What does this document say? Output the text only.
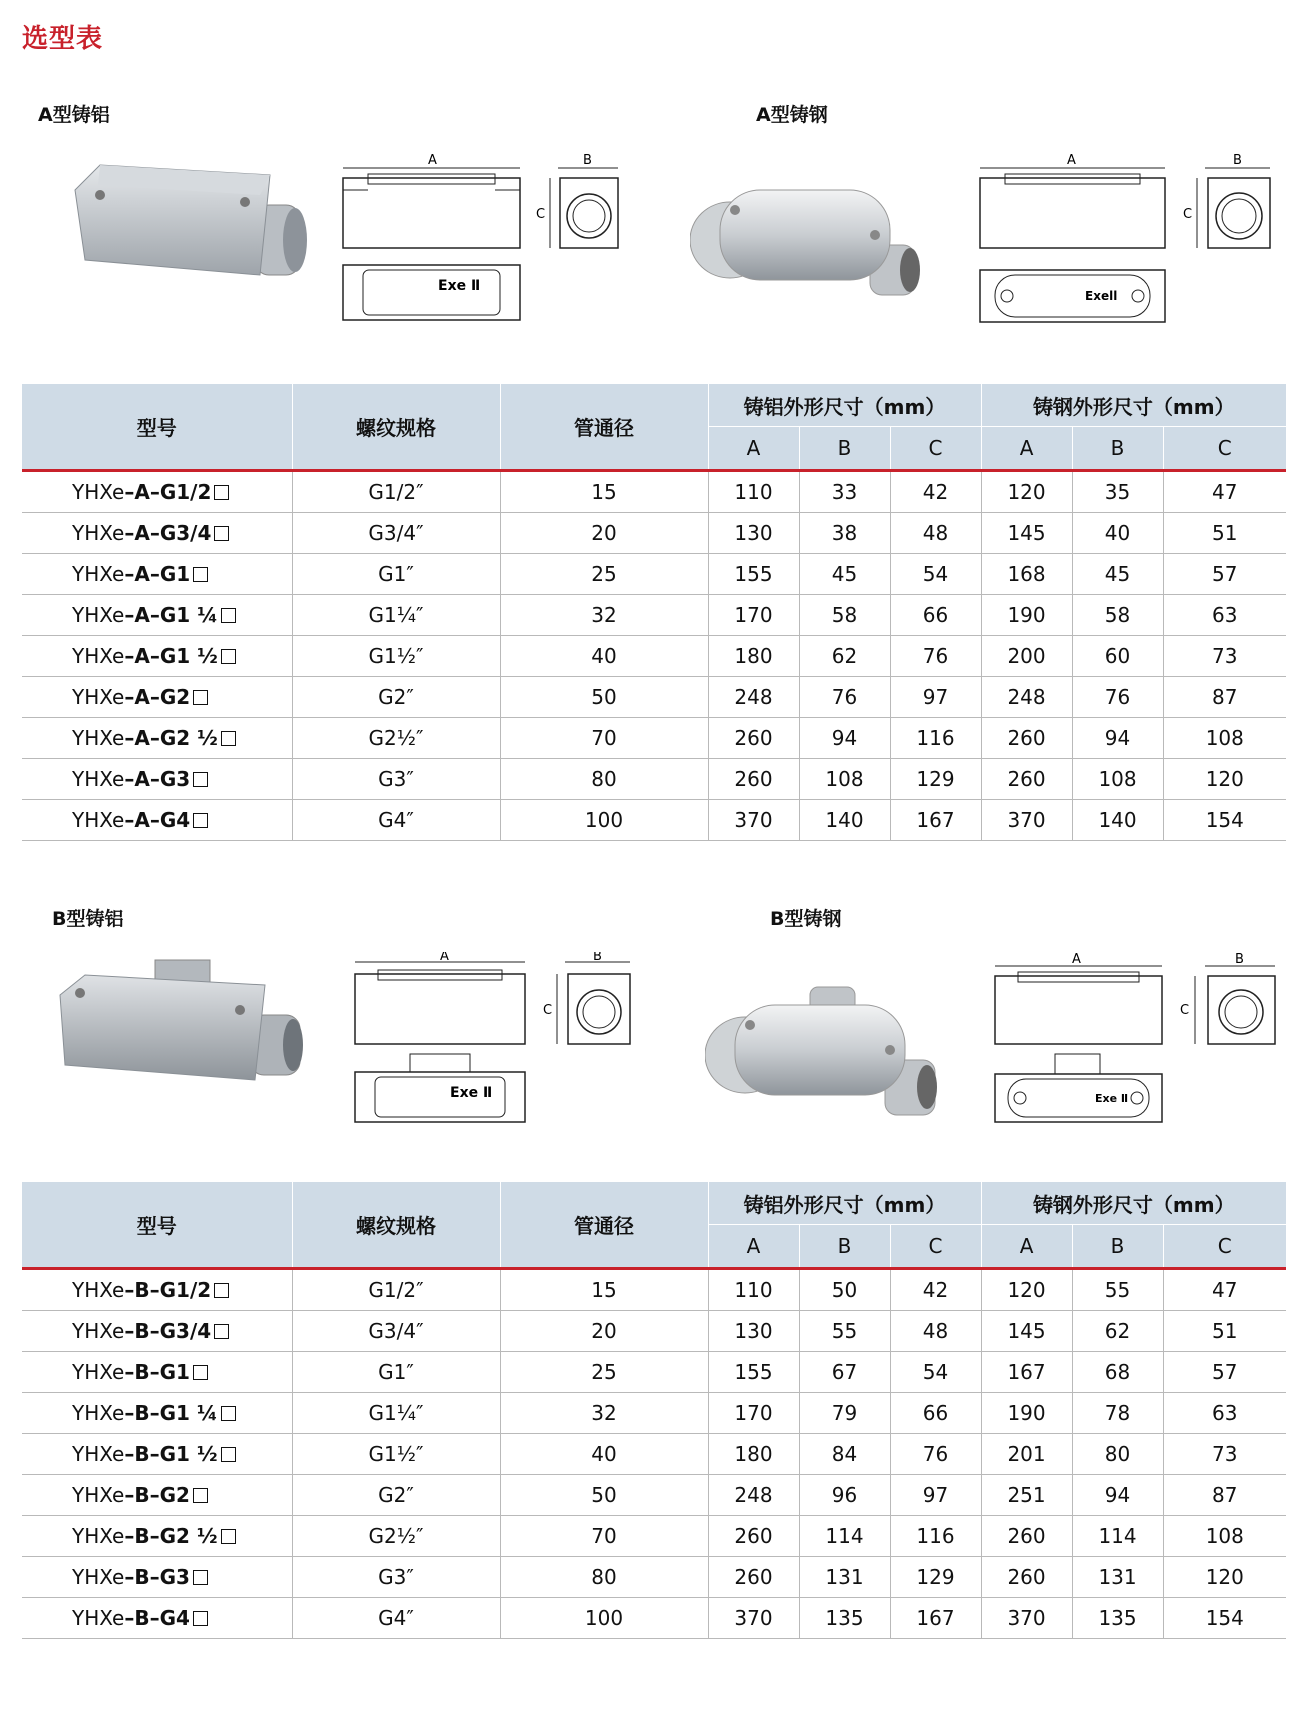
选型表
A型铸铝	A型铸钢
A
Exe Ⅱ
B
C
A
Exell
B
C
型号	螺纹规格	管通径	铸铝外形尺寸（mm）			铸钢外形尺寸（mm）		
			A	B	C	A	B	C
YHXe–A–G1/2	G1/2″	15	110	33	42	120	35	47
YHXe–A–G3/4	G3/4″	20	130	38	48	145	40	51
YHXe–A–G1	G1″	25	155	45	54	168	45	57
YHXe–A–G1 ¼	G1¼″	32	170	58	66	190	58	63
YHXe–A–G1 ½	G1½″	40	180	62	76	200	60	73
YHXe–A–G2	G2″	50	248	76	97	248	76	87
YHXe–A–G2 ½	G2½″	70	260	94	116	260	94	108
YHXe–A–G3	G3″	80	260	108	129	260	108	120
YHXe–A–G4	G4″	100	370	140	167	370	140	154
B型铸铝	B型铸钢
A
Exe Ⅱ
B
C
A
Exe Ⅱ
B
C
型号	螺纹规格	管通径	铸铝外形尺寸（mm）			铸钢外形尺寸（mm）		
			A	B	C	A	B	C
YHXe–B–G1/2	G1/2″	15	110	50	42	120	55	47
YHXe–B–G3/4	G3/4″	20	130	55	48	145	62	51
YHXe–B–G1	G1″	25	155	67	54	167	68	57
YHXe–B–G1 ¼	G1¼″	32	170	79	66	190	78	63
YHXe–B–G1 ½	G1½″	40	180	84	76	201	80	73
YHXe–B–G2	G2″	50	248	96	97	251	94	87
YHXe–B–G2 ½	G2½″	70	260	114	116	260	114	108
YHXe–B–G3	G3″	80	260	131	129	260	131	120
YHXe–B–G4	G4″	100	370	135	167	370	135	154
